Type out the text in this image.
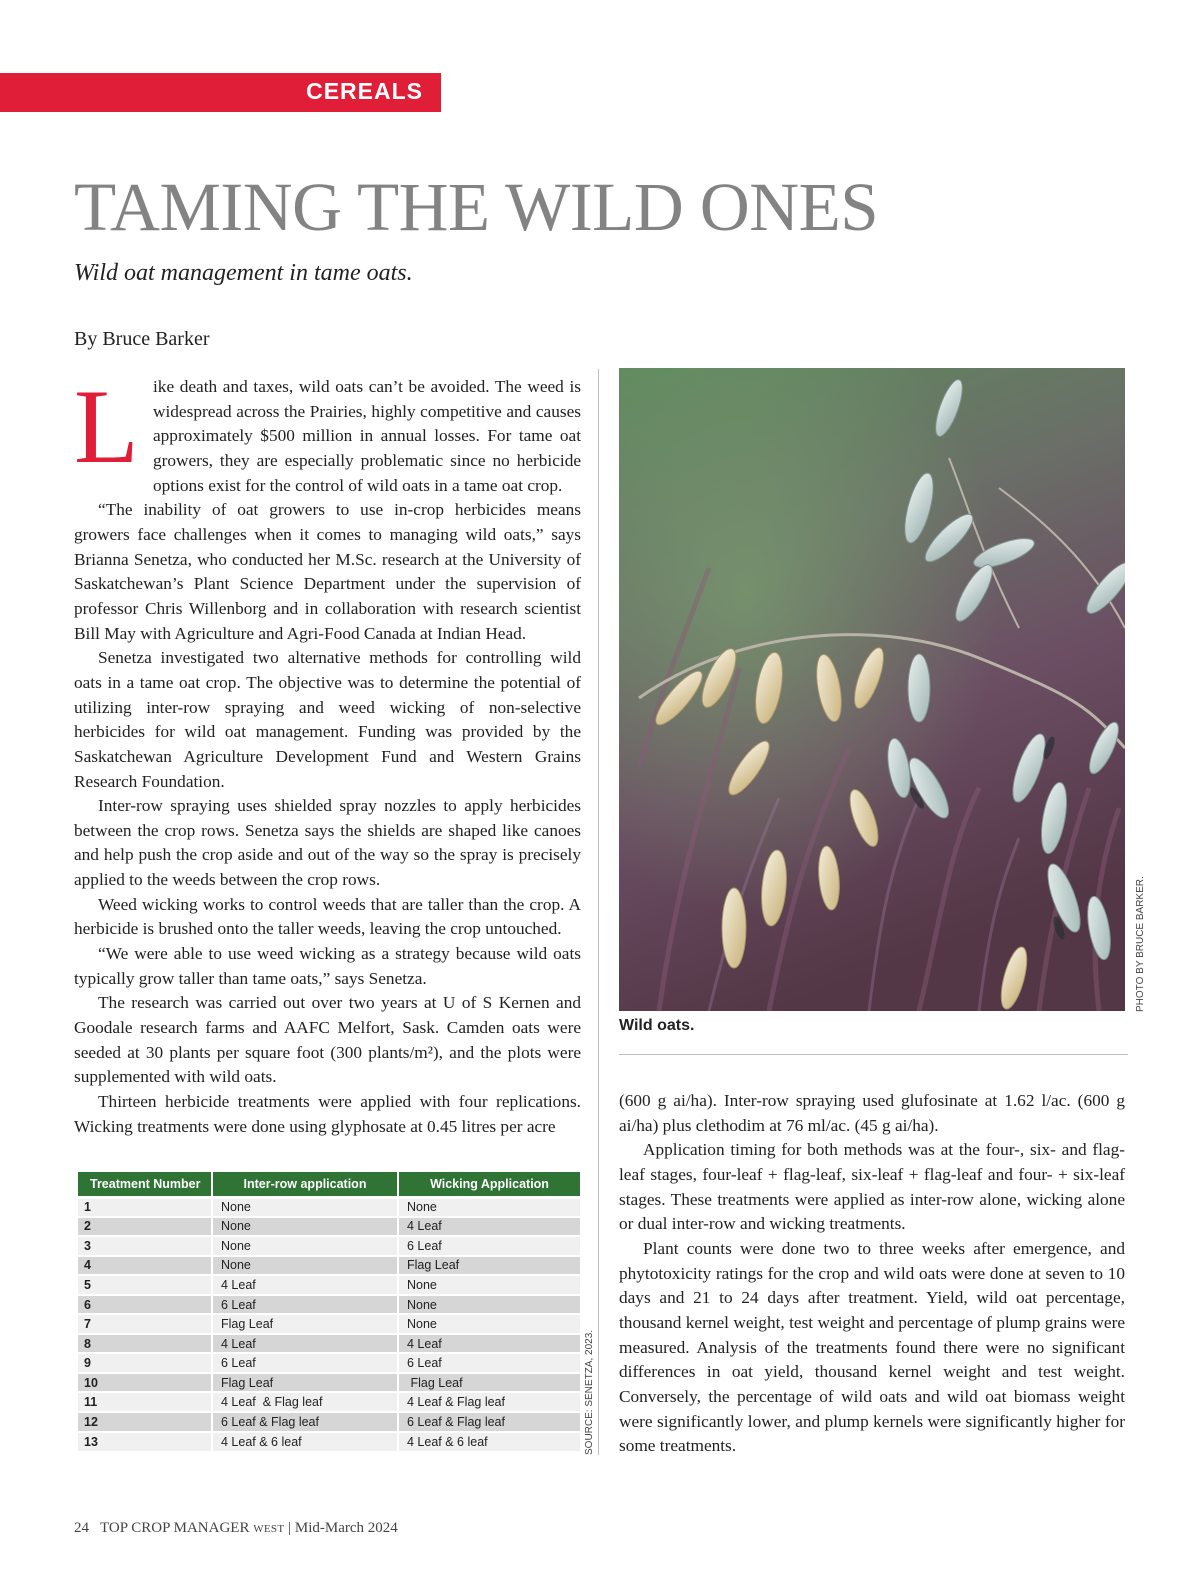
CEREALS
TAMING THE WILD ONES
Wild oat management in tame oats.
By Bruce Barker

Like death and taxes, wild oats can’t be avoided. The weed is widespread across the Prairies, highly competitive and causes approximately $500 million in annual losses. For tame oat growers, they are especially problematic since no herbicide options exist for the control of wild oats in a tame oat crop.

“The inability of oat growers to use in-crop herbicides means growers face challenges when it comes to managing wild oats,” says Brianna Senetza, who conducted her M.Sc. research at the University of Saskatchewan’s Plant Science Department under the supervision of professor Chris Willenborg and in collaboration with research scientist Bill May with Agriculture and Agri-Food Canada at Indian Head.

Senetza investigated two alternative methods for controlling wild oats in a tame oat crop. The objective was to determine the potential of utilizing inter-row spraying and weed wicking of non-selective herbicides for wild oat management. Funding was provided by the Saskatchewan Agriculture Development Fund and Western Grains Research Foundation.

Inter-row spraying uses shielded spray nozzles to apply herbicides between the crop rows. Senetza says the shields are shaped like canoes and help push the crop aside and out of the way so the spray is precisely applied to the weeds between the crop rows.

Weed wicking works to control weeds that are taller than the crop. A herbicide is brushed onto the taller weeds, leaving the crop untouched.

“We were able to use weed wicking as a strategy because wild oats typically grow taller than tame oats,” says Senetza.

The research was carried out over two years at U of S Kernen and Goodale research farms and AAFC Melfort, Sask. Camden oats were seeded at 30 plants per square foot (300 plants/m²), and the plots were supplemented with wild oats.

Thirteen herbicide treatments were applied with four replications. Wicking treatments were done using glyphosate at 0.45 litres per acre

PHOTO BY BRUCE BARKER.
Wild oats.

(600 g ai/ha). Inter-row spraying used glufosinate at 1.62 l/ac. (600 g ai/ha) plus clethodim at 76 ml/ac. (45 g ai/ha).

Application timing for both methods was at the four-, six- and flag-leaf stages, four-leaf + flag-leaf, six-leaf + flag-leaf and four- + six-leaf stages. These treatments were applied as inter-row alone, wicking alone or dual inter-row and wicking treatments.

Plant counts were done two to three weeks after emergence, and phytotoxicity ratings for the crop and wild oats were done at seven to 10 days and 21 to 24 days after treatment. Yield, wild oat percentage, thousand kernel weight, test weight and percentage of plump grains were measured. Analysis of the treatments found there were no significant differences in oat yield, thousand kernel weight and test weight. Conversely, the percentage of wild oats and wild oat biomass weight were significantly lower, and plump kernels were significantly higher for some treatments.

Treatment Number	Inter-row application	Wicking Application
1	None	None
2	None	4 Leaf
3	None	6 Leaf
4	None	Flag Leaf
5	4 Leaf	None
6	6 Leaf	None
7	Flag Leaf	None
8	4 Leaf	4 Leaf
9	6 Leaf	6 Leaf
10	Flag Leaf	Flag Leaf
11	4 Leaf  & Flag leaf	4 Leaf & Flag leaf
12	6 Leaf & Flag leaf	6 Leaf & Flag leaf
13	4 Leaf & 6 leaf	4 Leaf & 6 leaf	SOURCE: SENETZA, 2023.
24 TOP CROP MANAGER WEST | Mid-March 2024
